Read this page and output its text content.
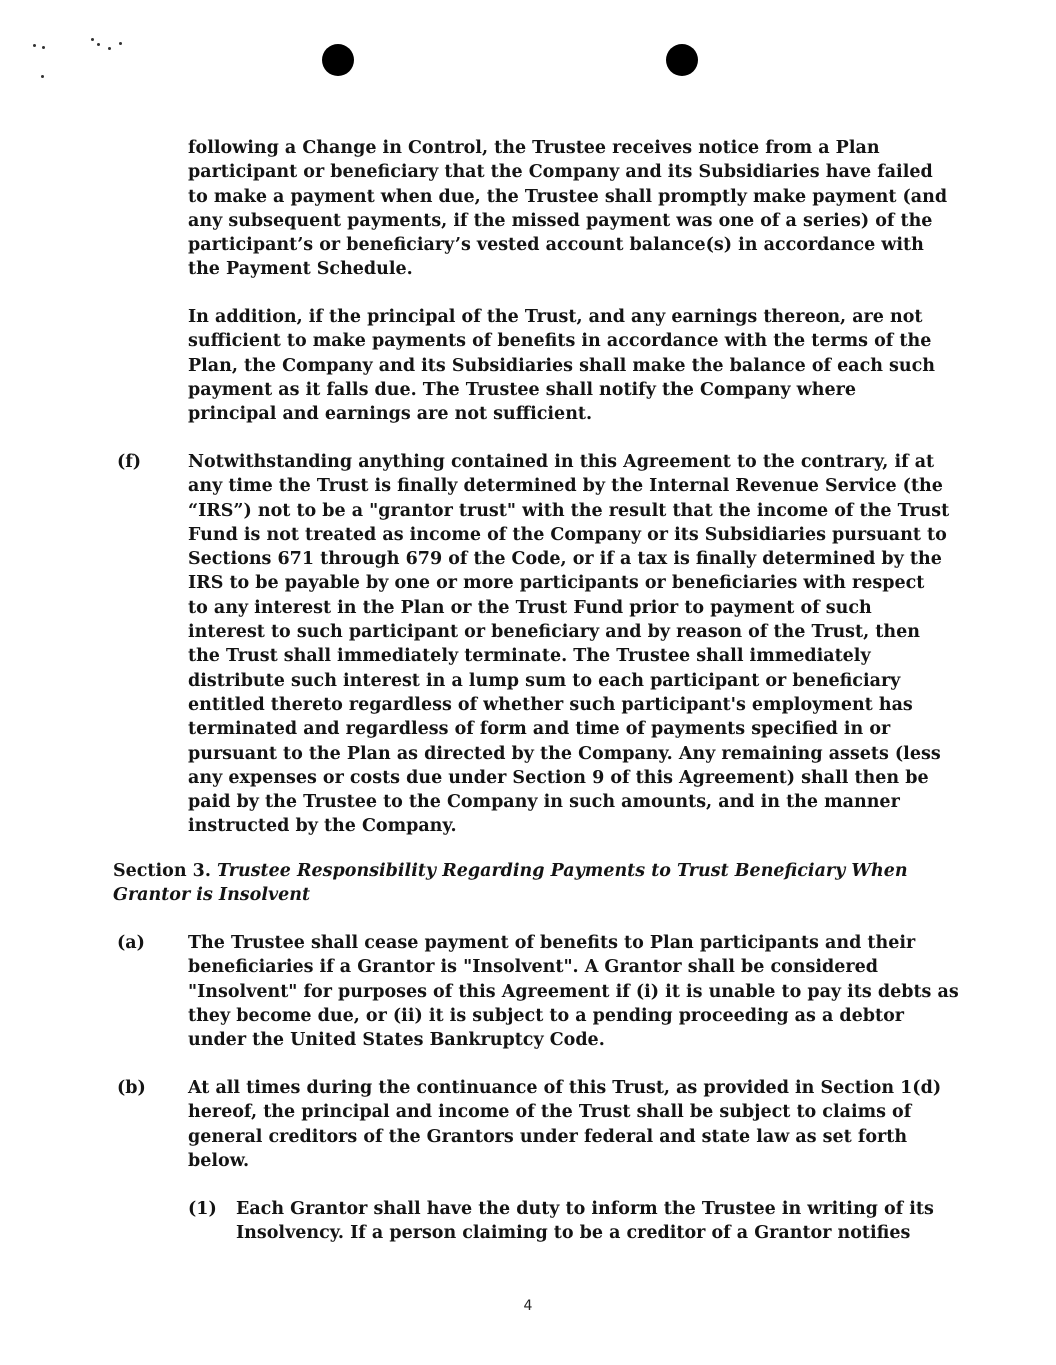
following a Change in Control, the Trustee receives notice from a Plan

participant or beneficiary that the Company and its Subsidiaries have failed

to make a payment when due, the Trustee shall promptly make payment (and

any subsequent payments, if the missed payment was one of a series) of the

participant’s or beneficiary’s vested account balance(s) in accordance with

the Payment Schedule.

In addition, if the principal of the Trust, and any earnings thereon, are not

sufficient to make payments of benefits in accordance with the terms of the

Plan, the Company and its Subsidiaries shall make the balance of each such

payment as it falls due. The Trustee shall notify the Company where

principal and earnings are not sufficient.

(f)	Notwithstanding anything contained in this Agreement to the contrary, if at

any time the Trust is finally determined by the Internal Revenue Service (the

“IRS”) not to be a "grantor trust" with the result that the income of the Trust

Fund is not treated as income of the Company or its Subsidiaries pursuant to

Sections 671 through 679 of the Code, or if a tax is finally determined by the

IRS to be payable by one or more participants or beneficiaries with respect

to any interest in the Plan or the Trust Fund prior to payment of such

interest to such participant or beneficiary and by reason of the Trust, then

the Trust shall immediately terminate. The Trustee shall immediately

distribute such interest in a lump sum to each participant or beneficiary

entitled thereto regardless of whether such participant's employment has

terminated and regardless of form and time of payments specified in or

pursuant to the Plan as directed by the Company. Any remaining assets (less

any expenses or costs due under Section 9 of this Agreement) shall then be

paid by the Trustee to the Company in such amounts, and in the manner

instructed by the Company.

Section 3. Trustee Responsibility Regarding Payments to Trust Beneficiary When
Grantor is Insolvent
(a) The Trustee shall cease payment of benefits to Plan participants and their

beneficiaries if a Grantor is "Insolvent". A Grantor shall be considered

"Insolvent" for purposes of this Agreement if (i) it is unable to pay its debts as

they become due, or (ii) it is subject to a pending proceeding as a debtor

under the United States Bankruptcy Code.

(b) At all times during the continuance of this Trust, as provided in Section 1(d)

hereof, the principal and income of the Trust shall be subject to claims of

general creditors of the Grantors under federal and state law as set forth

below.

(1) Each Grantor shall have the duty to inform the Trustee in writing of its

Insolvency. If a person claiming to be a creditor of a Grantor notifies

4
